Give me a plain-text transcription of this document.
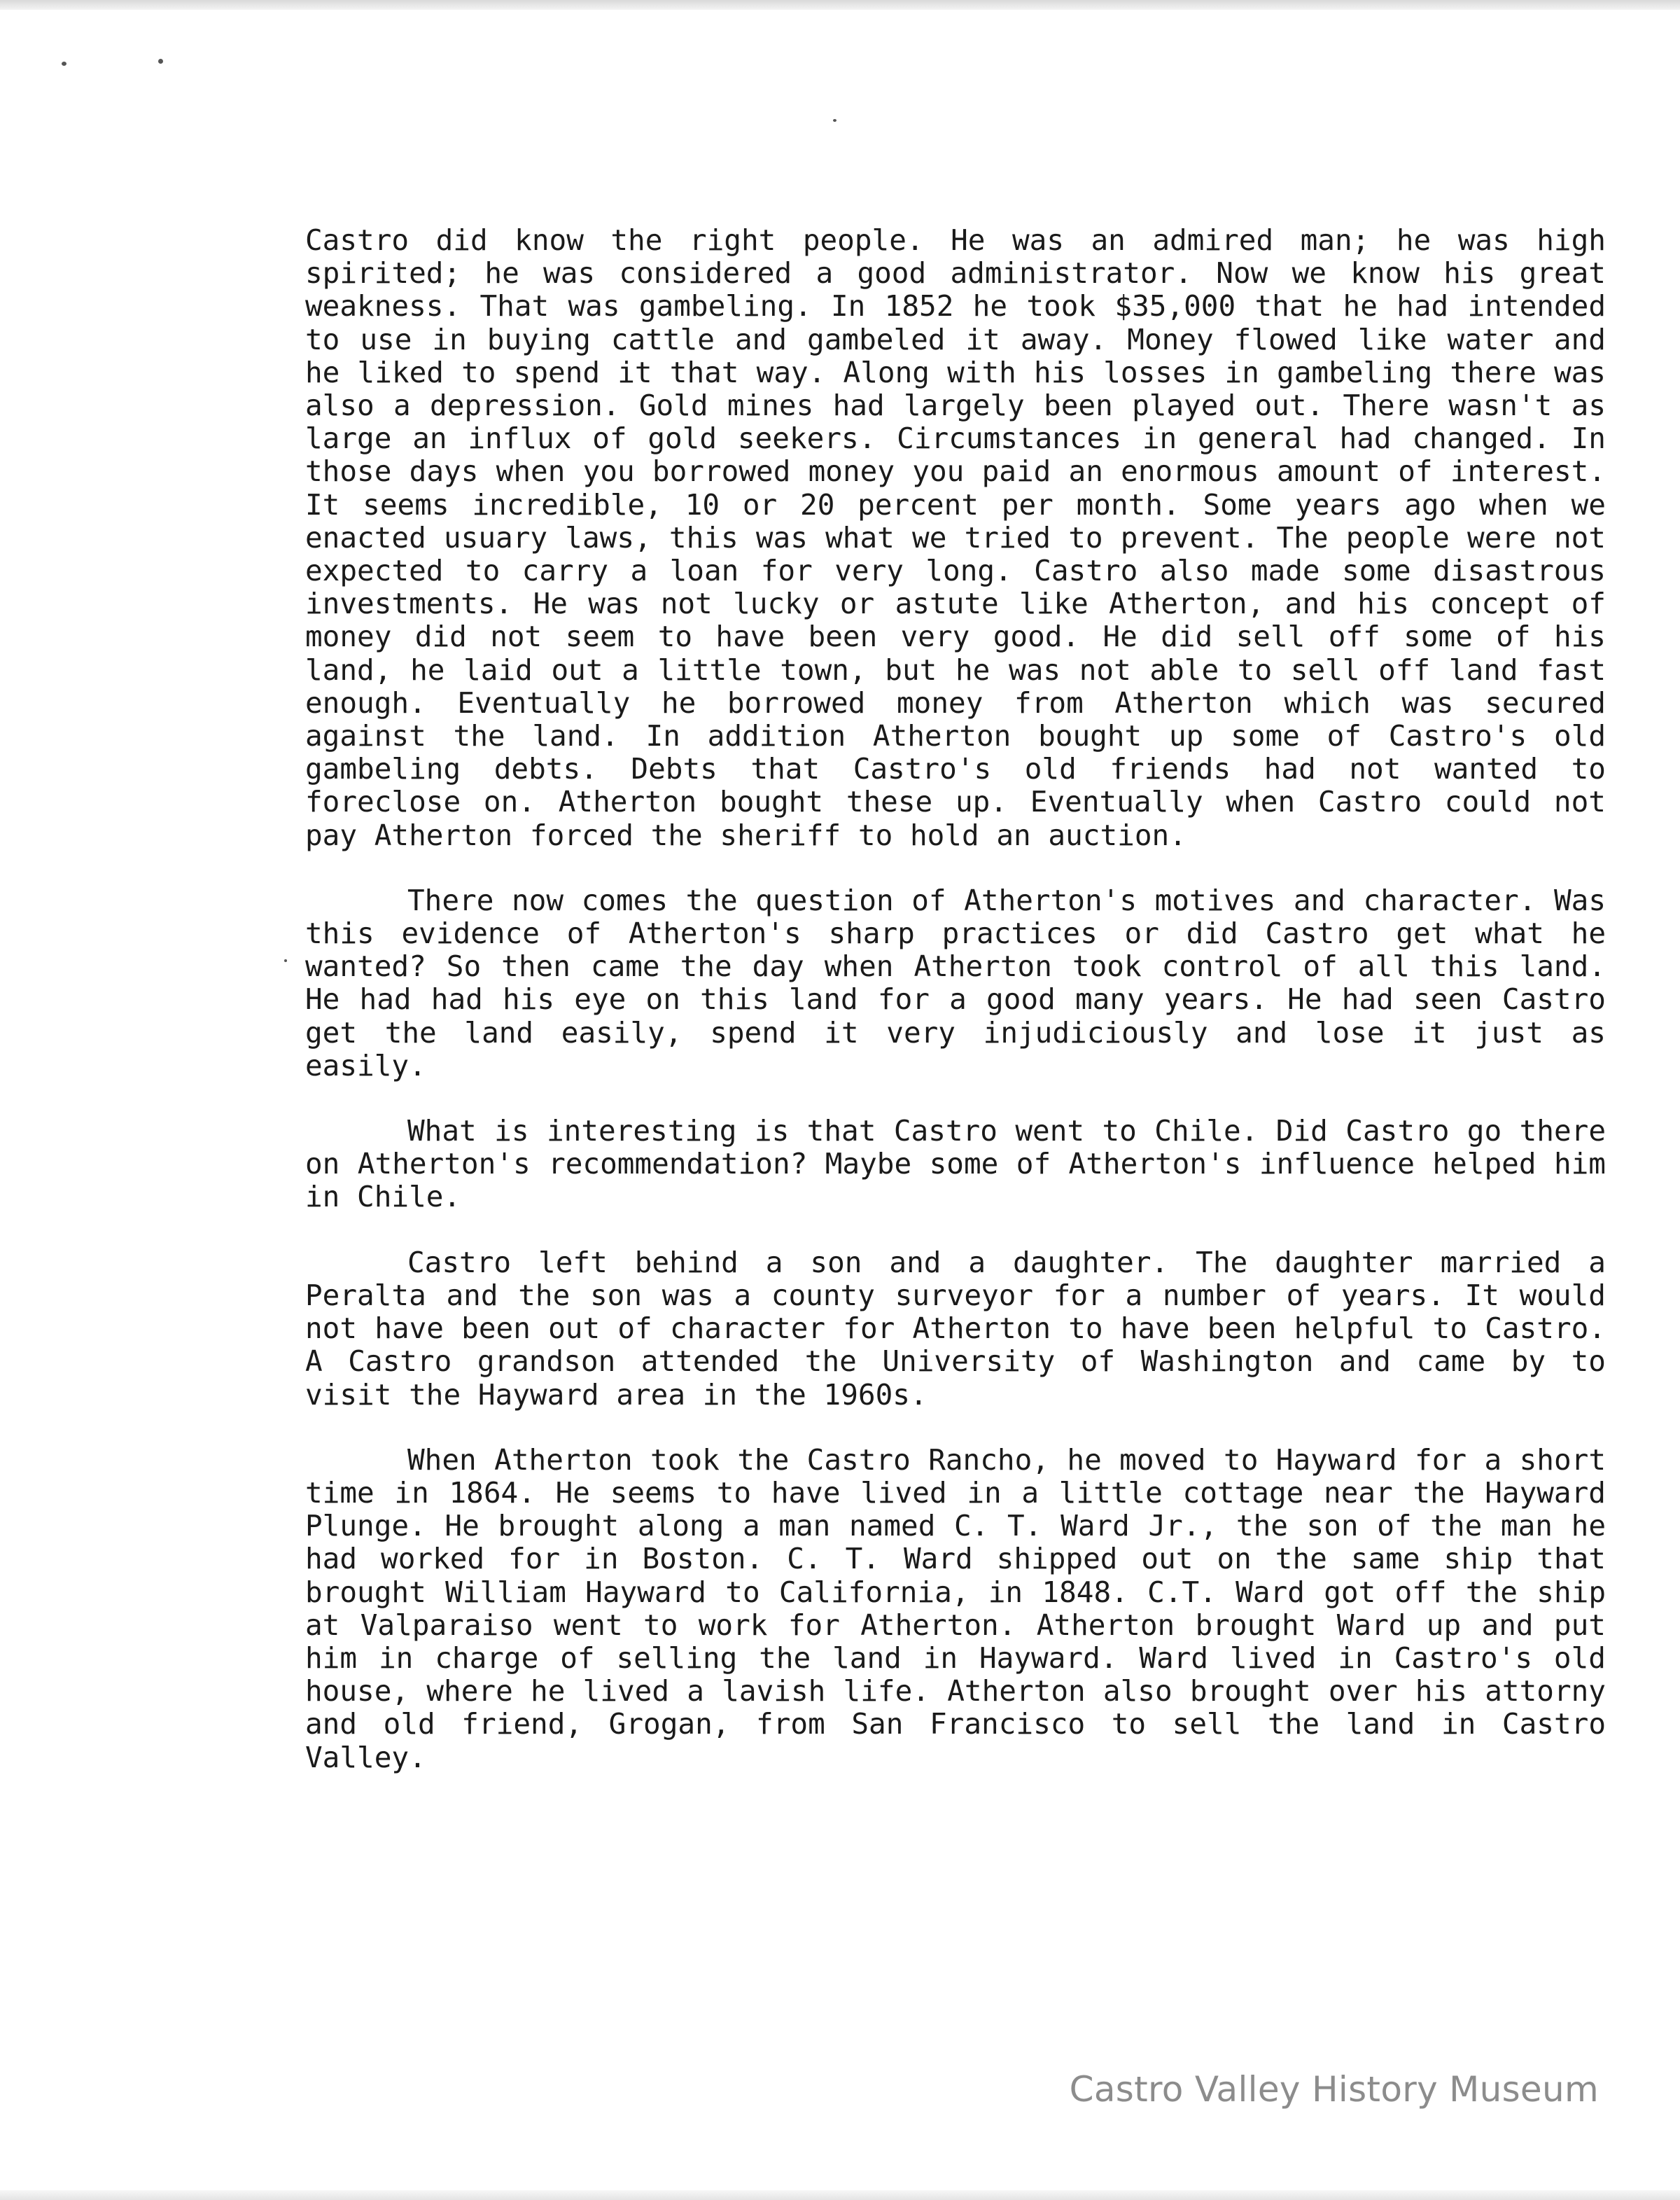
Castro did know the right people. He was an admired man; he was high spirited; he was considered a good administrator. Now we know his great weakness. That was gambeling. In 1852 he took $35,000 that he had intended to use in buying cattle and gambeled it away. Money flowed like water and he liked to spend it that way. Along with his losses in gambeling there was also a depression. Gold mines had largely been played out. There wasn't as large an influx of gold seekers. Circumstances in general had changed. In those days when you borrowed money you paid an enormous amount of interest. It seems incredible, 10 or 20 percent per month. Some years ago when we enacted usuary laws, this was what we tried to prevent. The people were not expected to carry a loan for very long. Castro also made some disastrous investments. He was not lucky or astute like Atherton, and his concept of money did not seem to have been very good. He did sell off some of his land, he laid out a little town, but he was not able to sell off land fast enough. Eventually he borrowed money from Atherton which was secured against the land. In addition Atherton bought up some of Castro's old gambeling debts. Debts that Castro's old friends had not wanted to foreclose on. Atherton bought these up. Eventually when Castro could not pay Atherton forced the sheriff to hold an auction.

There now comes the question of Atherton's motives and character. Was this evidence of Atherton's sharp practices or did Castro get what he wanted? So then came the day when Atherton took control of all this land. He had had his eye on this land for a good many years. He had seen Castro get the land easily, spend it very injudiciously and lose it just as easily.

What is interesting is that Castro went to Chile. Did Castro go there on Atherton's recommendation? Maybe some of Atherton's influence helped him in Chile.

Castro left behind a son and a daughter. The daughter married a Peralta and the son was a county surveyor for a number of years. It would not have been out of character for Atherton to have been helpful to Castro. A Castro grandson attended the University of Washington and came by to visit the Hayward area in the 1960s.

When Atherton took the Castro Rancho, he moved to Hayward for a short time in 1864. He seems to have lived in a little cottage near the Hayward Plunge. He brought along a man named C. T. Ward Jr., the son of the man he had worked for in Boston. C. T. Ward shipped out on the same ship that brought William Hayward to California, in 1848. C.T. Ward got off the ship at Valparaiso went to work for Atherton. Atherton brought Ward up and put him in charge of selling the land in Hayward. Ward lived in Castro's old house, where he lived a lavish life. Atherton also brought over his attorny and old friend, Grogan, from San Francisco to sell the land in Castro Valley.

Castro Valley History Museum
